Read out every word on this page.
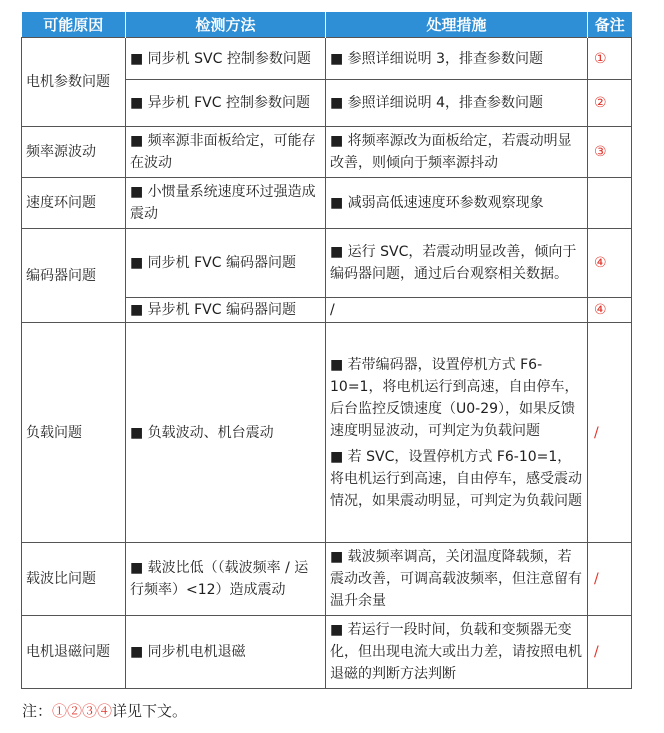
可能原因	检测方法	处理措施	备注
电机参数问题	■ 同步机 SVC 控制参数问题	■ 参照详细说明 3，排查参数问题	①
	■ 异步机 FVC 控制参数问题	■ 参照详细说明 4，排查参数问题	②
频率源波动	■ 频率源非面板给定，可能存在波动	■ 将频率源改为面板给定，若震动明显改善，则倾向于频率源抖动	③
速度环问题	■ 小惯量系统速度环过强造成震动	■ 减弱高低速速度环参数观察现象	
编码器问题	■ 同步机 FVC 编码器问题	■ 运行 SVC，若震动明显改善，倾向于编码器问题，通过后台观察相关数据。	④
	■ 异步机 FVC 编码器问题	/	④
负载问题	■ 负载波动、机台震动	■ 若带编码器，设置停机方式 F6-10=1，将电机运行到高速，自由停车，后台监控反馈速度（U0-29），如果反馈速度明显波动，可判定为负载问题

■ 若 SVC，设置停机方式 F6-10=1，将电机运行到高速，自由停车，感受震动情况，如果震动明显，可判定为负载问题	/
载波比问题	■ 载波比低（（载波频率 / 运行频率）<12）造成震动	■ 载波频率调高，关闭温度降载频，若震动改善，可调高载波频率，但注意留有温升余量	/
电机退磁问题	■ 同步机电机退磁	■ 若运行一段时间，负载和变频器无变化，但出现电流大或出力差，请按照电机退磁的判断方法判断	/
注：①②③④详见下文。
